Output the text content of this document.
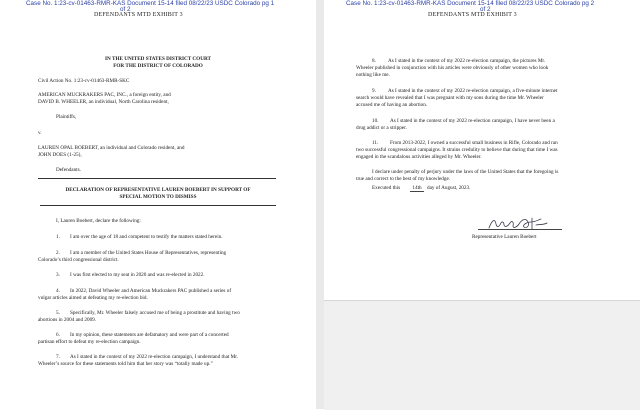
Case No. 1:23-cv-01463-RMR-KAS Document 15-14 filed 08/22/23 USDC Colorado pg 1
of 2
DEFENDANTS MTD EXHIBIT 3
IN THE UNITED STATES DISTRICT COURT
FOR THE DISTRICT OF COLORADO
Civil Action No. 1:23-cv-01463-RMR-SKC
AMERICAN MUCKRAKERS PAC, INC., a foreign entity, and
DAVID B. WHEELER, an individual, North Carolina resident,
Plaintiffs,
v.
LAUREN OPAL BOEBERT, an individual and Colorado resident, and
JOHN DOES (1-25),
Defendants.
DECLARATION OF REPRESENTATIVE LAUREN BOEBERT IN SUPPORT OF
SPECIAL MOTION TO DISMISS
I, Lauren Boebert, declare the following:
1. I am over the age of 18 and competent to testify the matters stated herein.
2. I am a member of the United States House of Representatives, representing
Colorado’s third congressional district.
3. I was first elected to my seat in 2020 and was re-elected in 2022.
4. In 2022, David Wheeler and American Muckrakers PAC published a series of
vulgar articles aimed at defeating my re-election bid.
5. Specifically, Mr. Wheeler falsely accused me of being a prostitute and having two
abortions in 2004 and 2009.
6. In my opinion, these statements are defamatory and were part of a concerted
partisan effort to defeat my re-election campaign.
7. As I stated in the context of my 2022 re-election campaign, I understand that Mr.
Wheeler’s source for these statements told him that her story was “totally made up.”
Case No. 1:23-cv-01463-RMR-KAS Document 15-14 filed 08/22/23 USDC Colorado pg 2
of 2
DEFENDANTS MTD EXHIBIT 3
8. As I stated in the context of my 2022 re-election campaign, the pictures Mr.
Wheeler published in conjunction with his articles were obviously of other women who look
nothing like me.
9. As I stated in the context of my 2022 re-election campaign, a five-minute internet
search would have revealed that I was pregnant with my sons during the time Mr. Wheeler
accused me of having an abortion.
10. As I stated in the context of my 2022 re-election campaign, I have never been a
drug addict or a stripper.
11. From 2013-2022, I owned a successful small business in Rifle, Colorado and ran
two successful congressional campaigns. It strains credulity to believe that during that time I was
engaged in the scandalous activities alleged by Mr. Wheeler.
I declare under penalty of perjury under the laws of the United States that the foregoing is
true and correct to the best of my knowledge.
Executed this	14th	day of August, 2023.
Representative Lauren Boebert
